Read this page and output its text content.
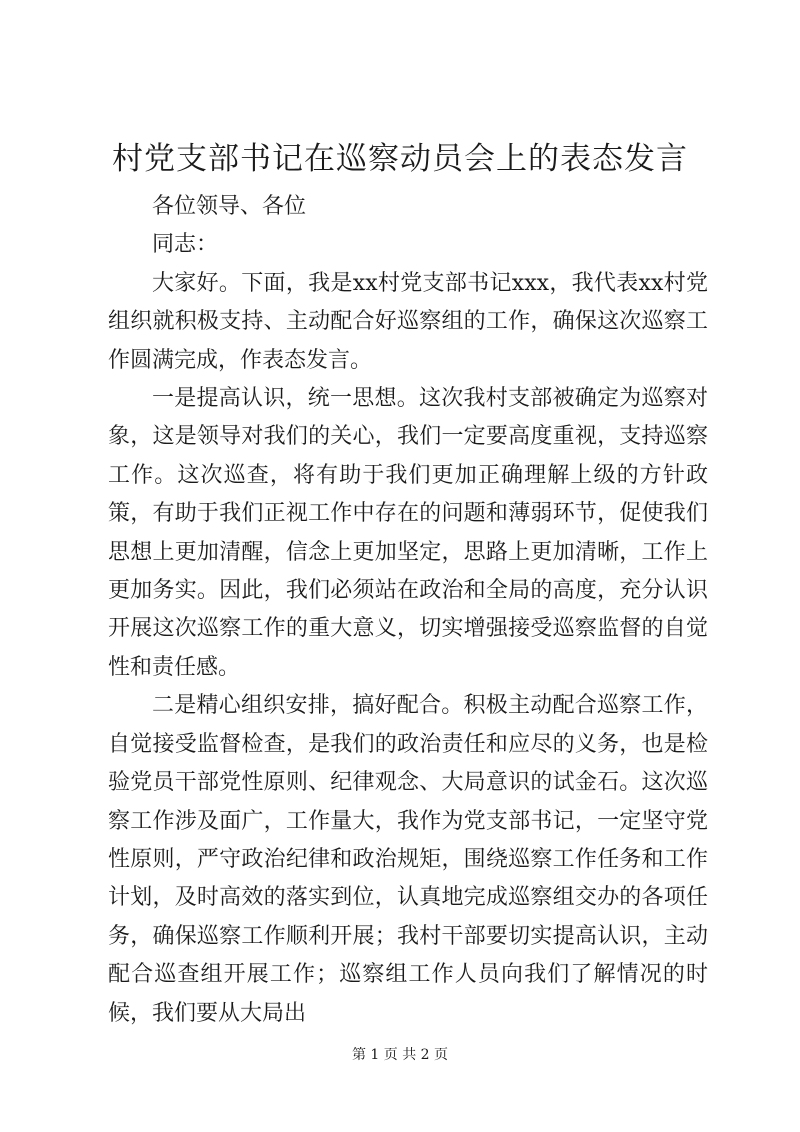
村党支部书记在巡察动员会上的表态发言

各位领导、各位

同志：

大家好。下面，我是xx村党支部书记xxx，我代表xx村党组织就积极支持、主动配合好巡察组的工作，确保这次巡察工作圆满完成，作表态发言。

一是提高认识，统一思想。这次我村支部被确定为巡察对象，这是领导对我们的关心，我们一定要高度重视，支持巡察工作。这次巡查，将有助于我们更加正确理解上级的方针政策，有助于我们正视工作中存在的问题和薄弱环节，促使我们思想上更加清醒，信念上更加坚定，思路上更加清晰，工作上更加务实。因此，我们必须站在政治和全局的高度，充分认识开展这次巡察工作的重大意义，切实增强接受巡察监督的自觉性和责任感。

二是精心组织安排，搞好配合。积极主动配合巡察工作，自觉接受监督检查，是我们的政治责任和应尽的义务，也是检验党员干部党性原则、纪律观念、大局意识的试金石。这次巡察工作涉及面广，工作量大，我作为党支部书记，一定坚守党性原则，严守政治纪律和政治规矩，围绕巡察工作任务和工作计划，及时高效的落实到位，认真地完成巡察组交办的各项任务，确保巡察工作顺利开展；我村干部要切实提高认识，主动配合巡查组开展工作；巡察组工作人员向我们了解情况的时候，我们要从大局出

第 1 页 共 2 页
